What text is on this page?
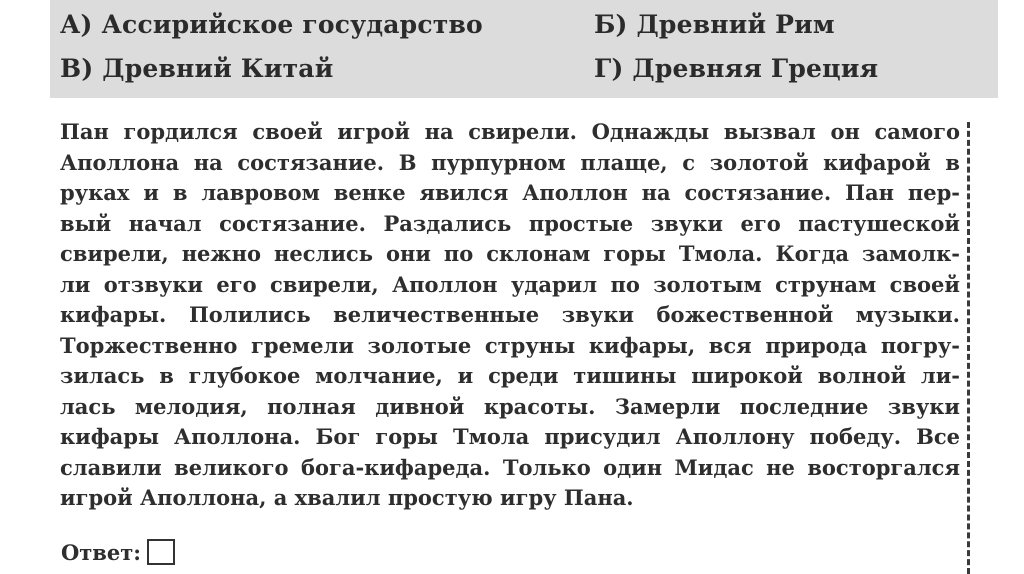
А) Ассирийское государство
В) Древний Китай
Б) Древний Рим
Г) Древняя Греция
Пан гордился своей игрой на свирели. Однажды вызвал он самого
Аполлона на состязание. В пурпурном плаще, с золотой кифарой в
руках и в лавровом венке явился Аполлон на состязание. Пан пер-
вый начал состязание. Раздались простые звуки его пастушеской
свирели, нежно неслись они по склонам горы Тмола. Когда замолк-
ли отзвуки его свирели, Аполлон ударил по золотым струнам своей
кифары. Полились величественные звуки божественной музыки.
Торжественно гремели золотые струны кифары, вся природа погру-
зилась в глубокое молчание, и среди тишины широкой волной ли-
лась мелодия, полная дивной красоты. Замерли последние звуки
кифары Аполлона. Бог горы Тмола присудил Аполлону победу. Все
славили великого бога-кифареда. Только один Мидас не восторгался
игрой Аполлона, а хвалил простую игру Пана.
Ответ:
